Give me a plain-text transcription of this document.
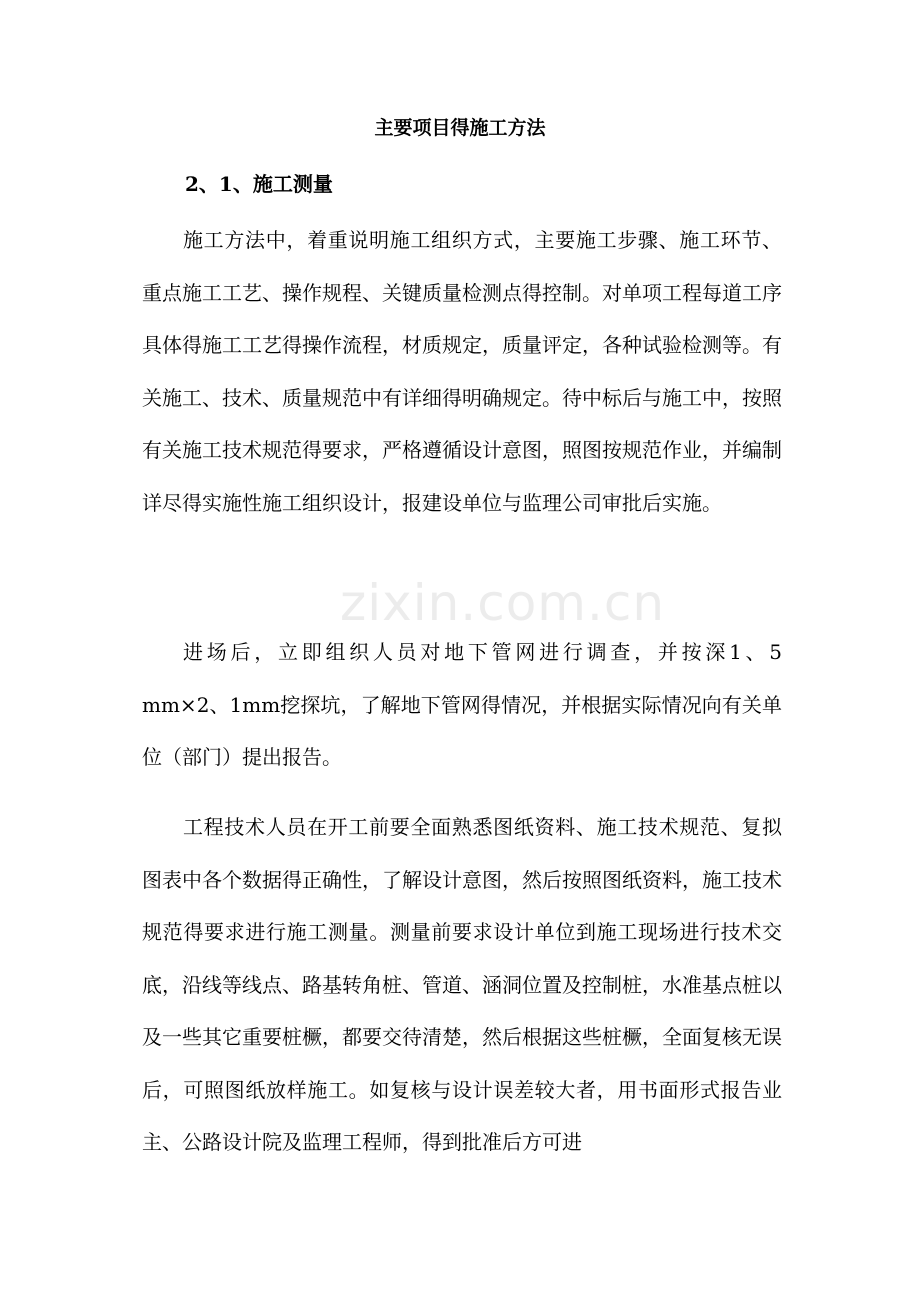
zixin.com.cn
主要项目得施工方法
2、1、施工测量

施工方法中，着重说明施工组织方式，主要施工步骤、施工环节、重点施工工艺、操作规程、关键质量检测点得控制。对单项工程每道工序具体得施工工艺得操作流程，材质规定，质量评定，各种试验检测等。有关施工、技术、质量规范中有详细得明确规定。待中标后与施工中，按照有关施工技术规范得要求，严格遵循设计意图，照图按规范作业，并编制详尽得实施性施工组织设计，报建设单位与监理公司审批后实施。

进场后，立即组织人员对地下管网进行调查，并按深1、5 mm×2、1mm挖探坑，了解地下管网得情况，并根据实际情况向有关单位（部门）提出报告。

工程技术人员在开工前要全面熟悉图纸资料、施工技术规范、复拟图表中各个数据得正确性，了解设计意图，然后按照图纸资料，施工技术规范得要求进行施工测量。测量前要求设计单位到施工现场进行技术交底，沿线等线点、路基转角桩、管道、涵洞位置及控制桩，水准基点桩以及一些其它重要桩橛，都要交待清楚，然后根据这些桩橛，全面复核无误后，可照图纸放样施工。如复核与设计误差较大者，用书面形式报告业主、公路设计院及监理工程师，得到批准后方可进
